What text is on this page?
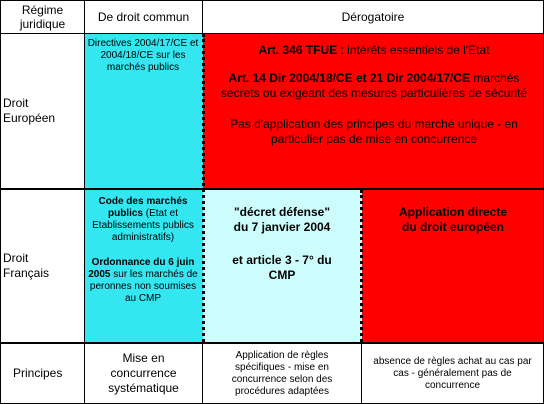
Régime juridique	De droit commun	Dérogatoire
Droit Européen
Droit Français
Principes
Directives 2004/17/CE et 2004/18/CE sur les marchés publics

Art. 346 TFUE : intérêts essentiels de l'Etat

Art. 14 Dir 2004/18/CE et 21 Dir 2004/17/CE marchés secrets ou exigeant des mesures particulières de sécurité

Pas d'application des principes du marché unique - en particulier pas de mise en concurrence

Code des marchés publics (Etat et Etablissements publics administratifs)

Ordonnance du 6 juin 2005 sur les marchés de peronnes non soumises au CMP

"décret défense"

du 7 janvier 2004

et article 3 - 7° du CMP

Application directe du droit européen

Mise en concurrence systématique
Application de règles spécifiques - mise en concurrence selon des procédures adaptées
absence de règles achat au cas par cas - généralement pas de concurrence
